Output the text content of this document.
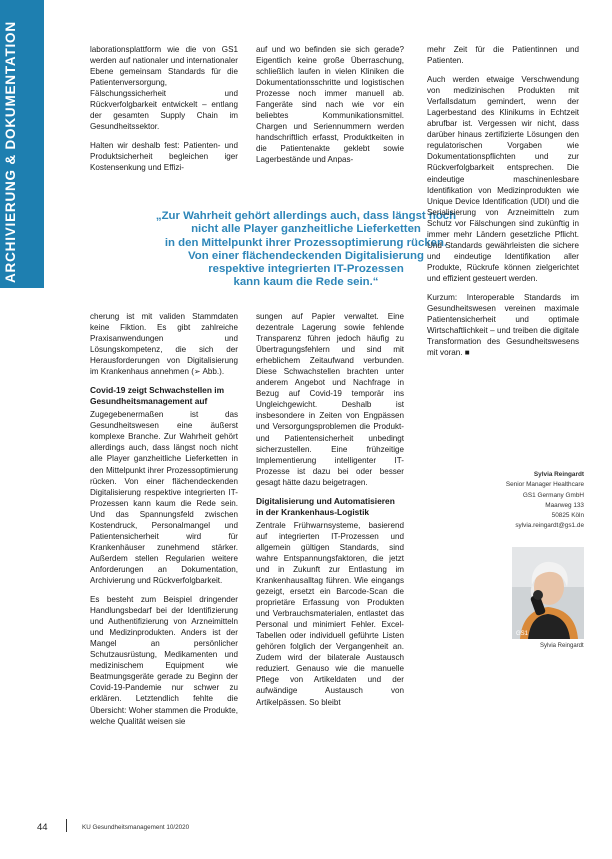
ARCHIVIERUNG & DOKUMENTATION	laborationsplattform wie die von GS1 werden auf nationaler und internationaler Ebene gemeinsam Standards für die Patientenversorgung, Fälschungssicherheit und Rückverfolgbarkeit entwickelt – entlang der gesamten Supply Chain im Gesundheitssektor.

Halten wir deshalb fest: Patienten- und Produktsicherheit begleichen iger Kostensenkung und Effizi-

auf und wo befinden sie sich gerade? Eigentlich keine große Überraschung, schließlich laufen in vielen Kliniken die Dokumentationsschritte und logistischen Prozesse noch immer manuell ab. Fangeräte sind nach wie vor ein beliebtes Kommunikationsmittel. Chargen und Seriennummern werden handschriftlich erfasst, Produktkeiten in die Patientenakte geklebt sowie Lagerbestände und Anpas-

„Zur Wahrheit gehört allerdings auch, dass längst noch
nicht alle Player ganzheitliche Lieferketten
in den Mittelpunkt ihrer Prozessoptimierung rücken.
Von einer flächendeckenden Digitalisierung
respektive integrierten IT-Prozessen
kann kaum die Rede sein.“

cherung ist mit validen Stammdaten keine Fiktion. Es gibt zahlreiche Praxisanwendungen und Lösungskompetenz, die sich der Herausforderungen von Digitalisierung im Krankenhaus annehmen (➢ Abb.).

Covid-19 zeigt Schwachstellen im Gesundheitsmanagement auf

Zugegebenermaßen ist das Gesundheitswesen eine äußerst komplexe Branche. Zur Wahrheit gehört allerdings auch, dass längst noch nicht alle Player ganzheitliche Lieferketten in den Mittelpunkt ihrer Prozessoptimierung rücken. Von einer flächendeckenden Digitalisierung respektive integrierten IT-Prozessen kann kaum die Rede sein. Und das Spannungsfeld zwischen Kostendruck, Personalmangel und Patientensicherheit wird für Krankenhäuser zunehmend stärker. Außerdem stellen Regularien weitere Anforderungen an Dokumentation, Archivierung und Rückverfolgbarkeit.

Es besteht zum Beispiel dringender Handlungsbedarf bei der Identifizierung und Authentifizierung von Arzneimitteln und Medizinprodukten. Anders ist der Mangel an persönlicher Schutzausrüstung, Medikamenten und medizinischem Equipment wie Beatmungsgeräte gerade zu Beginn der Covid-19-Pandemie nur schwer zu erklären. Letztendlich fehlte die Übersicht: Woher stammen die Produkte, welche Qualität weisen sie

sungen auf Papier verwaltet. Eine dezentrale Lagerung sowie fehlende Transparenz führen jedoch häufig zu Übertragungsfehlern und sind mit erheblichem Zeitaufwand verbunden. Diese Schwachstellen brachten unter anderem Angebot und Nachfrage in Bezug auf Covid-19 temporär ins Ungleichgewicht. Deshalb ist insbesondere in Zeiten von Engpässen und Versorgungsproblemen die Produkt- und Patientensicherheit unbedingt sicherzustellen. Eine frühzeitige Implementierung intelligenter IT-Prozesse ist dazu bei oder besser gesagt hätte dazu beigetragen.

Digitalisierung und Automatisieren in der Krankenhaus-Logistik

Zentrale Frühwarnsysteme, basierend auf integrierten IT-Prozessen und allgemein gültigen Standards, sind wahre Entspannungsfaktoren, die jetzt und in Zukunft zur Entlastung im Krankenhausalltag führen. Wie eingangs gezeigt, ersetzt ein Barcode-Scan die proprietäre Erfassung von Produkten und Verbrauchsmaterialen, entlastet das Personal und minimiert Fehler. Excel-Tabellen oder individuell geführte Listen gehören folglich der Vergangenheit an. Zudem wird der bilaterale Austausch reduziert. Genauso wie die manuelle Pflege von Artikeldaten und der aufwändige Austausch von Artikelpässen. So bleibt

mehr Zeit für die Patientinnen und Patienten.

Auch werden etwaige Verschwendung von medizinischen Produkten mit Verfallsdatum gemindert, wenn der Lagerbestand des Klinikums in Echtzeit abrufbar ist. Vergessen wir nicht, dass darüber hinaus zertifizierte Lösungen den regulatorischen Vorgaben wie Dokumentationspflichten und zur Rückverfolgbarkeit entsprechen. Die eindeutige maschinenlesbare Identifikation von Medizinprodukten wie Unique Device Identification (UDI) und die Serialisierung von Arzneimitteln zum Schutz vor Fälschungen sind zukünftig in immer mehr Ländern gesetzliche Pflicht. Und Standards gewährleisten die sichere und eindeutige Identifikation aller Produkte, Rückrufe können zielgerichtet und effizient gesteuert werden.

Kurzum: Interoperable Standards im Gesundheitswesen vereinen maximale Patientensicherheit und optimale Wirtschaftlichkeit – und treiben die digitale Transformation des Gesundheitswesens mit voran. ■

Sylvia Reingardt
Senior Manager Healthcare
GS1 Germany GmbH
Maarweg 133
50825 Köln
sylvia.reingardt@gs1.de
GS1
Sylvia Reingardt
44	KU Gesundheitsmanagement 10/2020
